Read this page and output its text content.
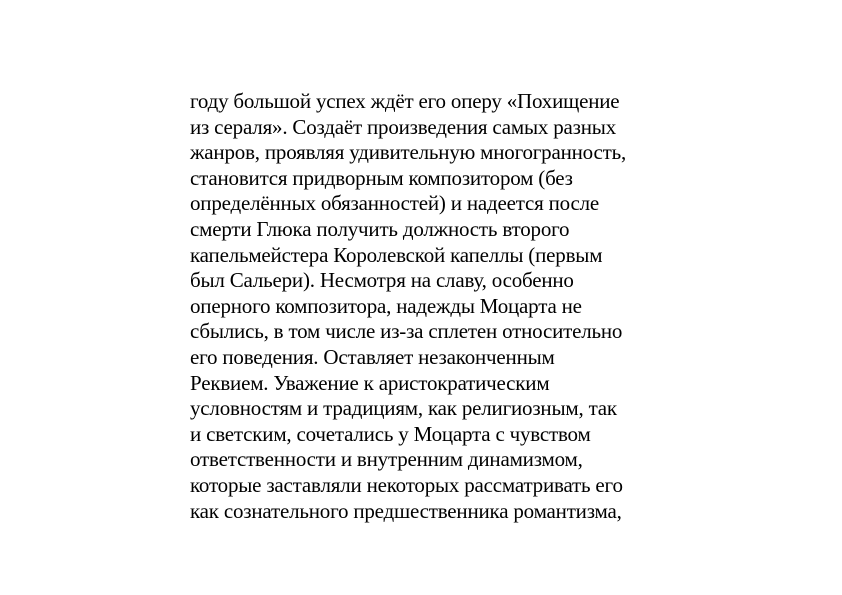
году большой успех ждёт его оперу «Похищение
из сераля». Создаёт произведения самых разных
жанров, проявляя удивительную многогранность,
становится придворным композитором (без
определённых обязанностей) и надеется после
смерти Глюка получить должность второго
капельмейстера Королевской капеллы (первым
был Сальери). Несмотря на славу, особенно
оперного композитора, надежды Моцарта не
сбылись, в том числе из-за сплетен относительно
его поведения. Оставляет незаконченным
Реквием. Уважение к аристократическим
условностям и традициям, как религиозным, так
и светским, сочетались у Моцарта с чувством
ответственности и внутренним динамизмом,
которые заставляли некоторых рассматривать его
как сознательного предшественника романтизма,
